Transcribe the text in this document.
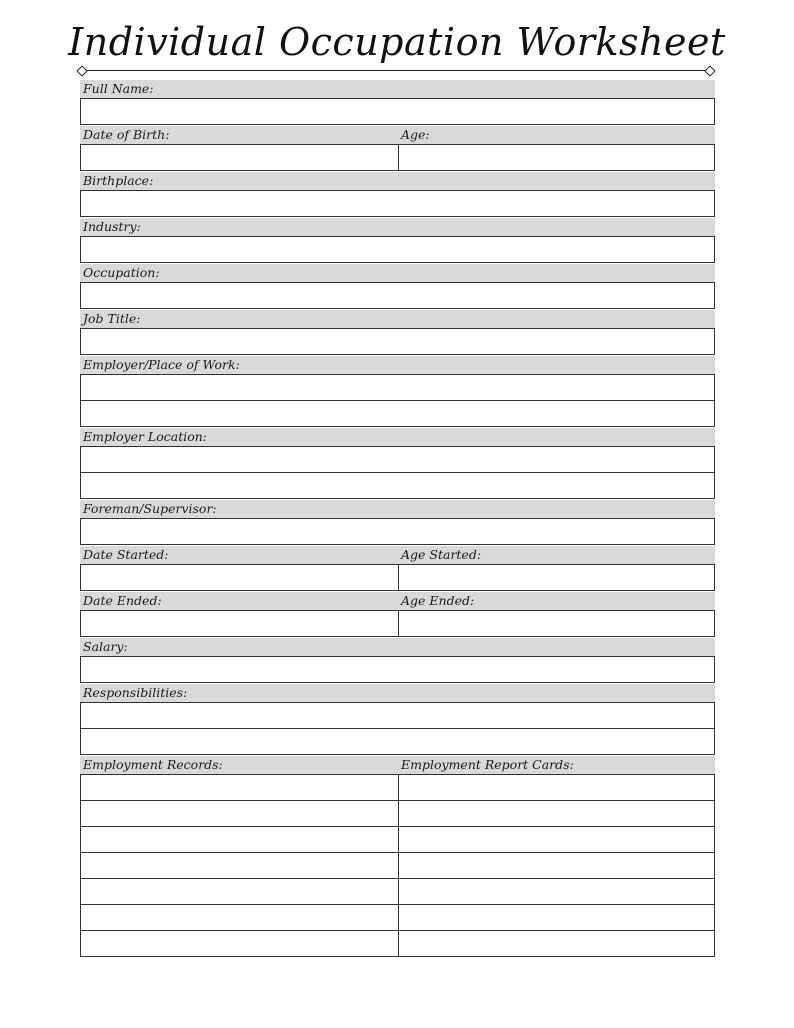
Individual Occupation Worksheet
Full Name:
Date of Birth:	Age:
Birthplace:
Industry:
Occupation:
Job Title:
Employer/Place of Work:
Employer Location:
Foreman/Supervisor:
Date Started:	Age Started:
Date Ended:	Age Ended:
Salary:
Responsibilities:
Employment Records:	Employment Report Cards:
